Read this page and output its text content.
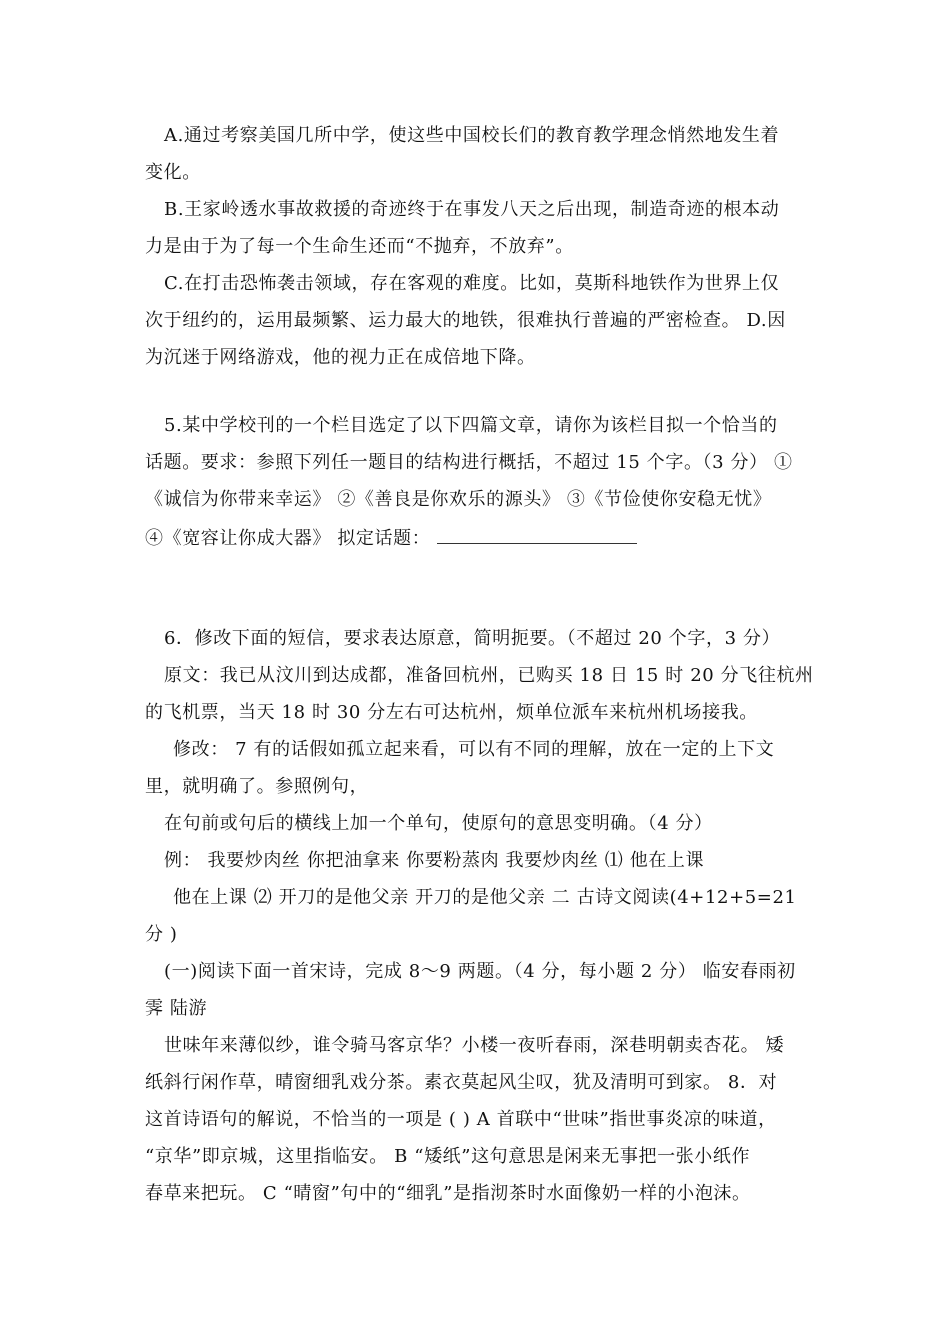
A.通过考察美国几所中学，使这些中国校长们的教育教学理念悄然地发生着
变化。
B.王家岭透水事故救援的奇迹终于在事发八天之后出现，制造奇迹的根本动
力是由于为了每一个生命生还而“不抛弃，不放弃”。
C.在打击恐怖袭击领域，存在客观的难度。比如，莫斯科地铁作为世界上仅
次于纽约的，运用最频繁、运力最大的地铁，很难执行普遍的严密检查。 D.因
为沉迷于网络游戏，他的视力正在成倍地下降。
5.某中学校刊的一个栏目选定了以下四篇文章，请你为该栏目拟一个恰当的
话题。要求：参照下列任一题目的结构进行概括，不超过 15 个字。（3 分） ①
《诚信为你带来幸运》 ②《善良是你欢乐的源头》 ③《节俭使你安稳无忧》
④《宽容让你成大器》 拟定话题：
6．修改下面的短信，要求表达原意，简明扼要。（不超过 20 个字，3 分）
原文：我已从汶川到达成都，准备回杭州，已购买 18 日 15 时 20 分飞往杭州
的飞机票，当天 18 时 30 分左右可达杭州，烦单位派车来杭州机场接我。
修改： 7 有的话假如孤立起来看，可以有不同的理解，放在一定的上下文
里，就明确了。参照例句，
在句前或句后的横线上加一个单句，使原句的意思变明确。（4 分）
例： 我要炒肉丝 你把油拿来 你要粉蒸肉 我要炒肉丝 ⑴ 他在上课
他在上课 ⑵ 开刀的是他父亲 开刀的是他父亲 二 古诗文阅读(4+12+5=21
分 )
(一)阅读下面一首宋诗，完成 8～9 两题。（4 分，每小题 2 分） 临安春雨初
霁 陆游
世味年来薄似纱，谁令骑马客京华？小楼一夜听春雨，深巷明朝卖杏花。 矮
纸斜行闲作草，晴窗细乳戏分茶。素衣莫起风尘叹，犹及清明可到家。 8．对
这首诗语句的解说，不恰当的一项是 ( ) A 首联中“世味”指世事炎凉的味道，
“京华”即京城，这里指临安。 B “矮纸”这句意思是闲来无事把一张小纸作
春草来把玩。 C “晴窗”句中的“细乳”是指沏茶时水面像奶一样的小泡沫。
